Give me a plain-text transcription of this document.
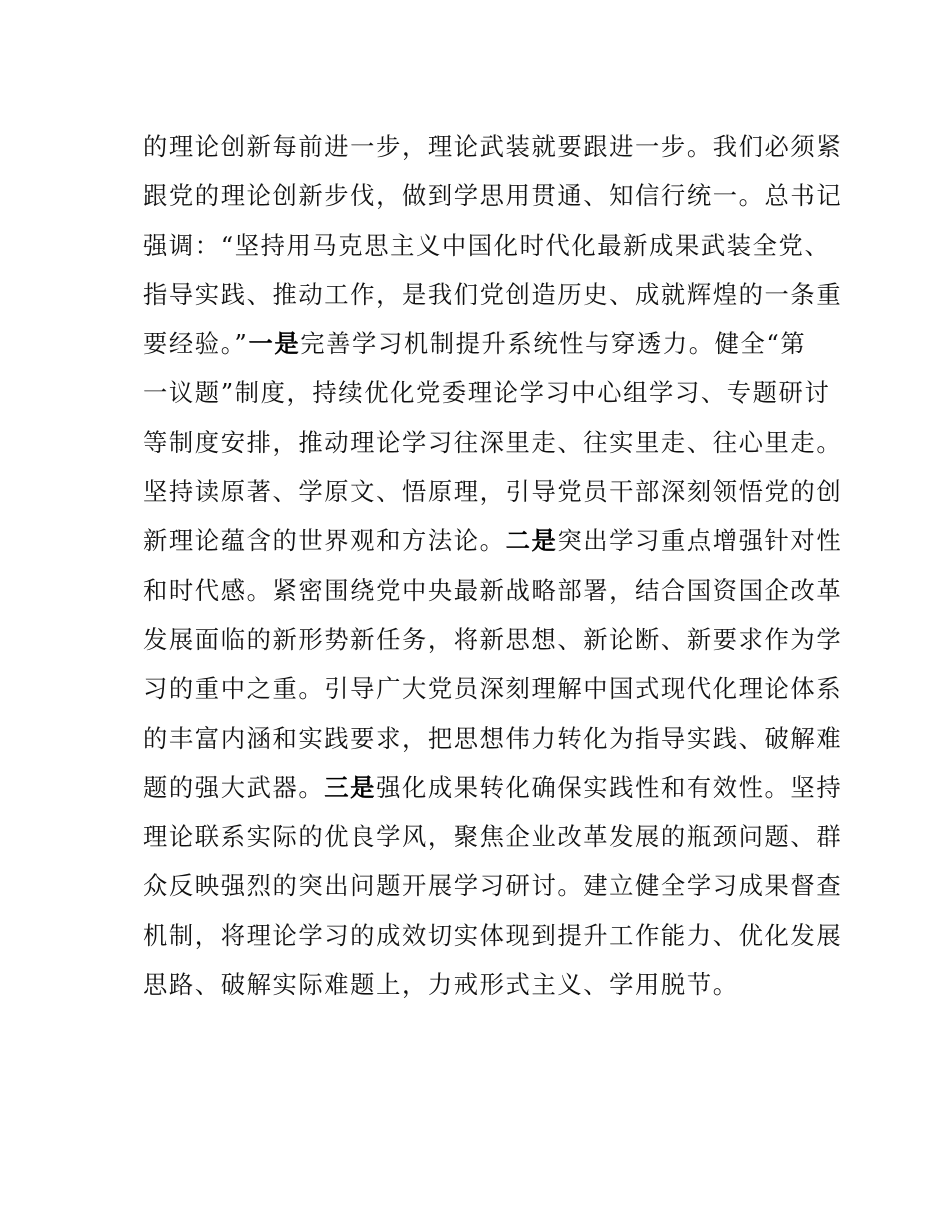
的理论创新每前进一步，理论武装就要跟进一步。我们必须紧
跟党的理论创新步伐，做到学思用贯通、知信行统一。总书记
强调：“坚持用马克思主义中国化时代化最新成果武装全党、
指导实践、推动工作，是我们党创造历史、成就辉煌的一条重
要经验。”一是完善学习机制提升系统性与穿透力。健全“第
一议题”制度，持续优化党委理论学习中心组学习、专题研讨
等制度安排，推动理论学习往深里走、往实里走、往心里走。
坚持读原著、学原文、悟原理，引导党员干部深刻领悟党的创
新理论蕴含的世界观和方法论。二是突出学习重点增强针对性
和时代感。紧密围绕党中央最新战略部署，结合国资国企改革
发展面临的新形势新任务，将新思想、新论断、新要求作为学
习的重中之重。引导广大党员深刻理解中国式现代化理论体系
的丰富内涵和实践要求，把思想伟力转化为指导实践、破解难
题的强大武器。三是强化成果转化确保实践性和有效性。坚持
理论联系实际的优良学风，聚焦企业改革发展的瓶颈问题、群
众反映强烈的突出问题开展学习研讨。建立健全学习成果督查
机制，将理论学习的成效切实体现到提升工作能力、优化发展
思路、破解实际难题上，力戒形式主义、学用脱节。
